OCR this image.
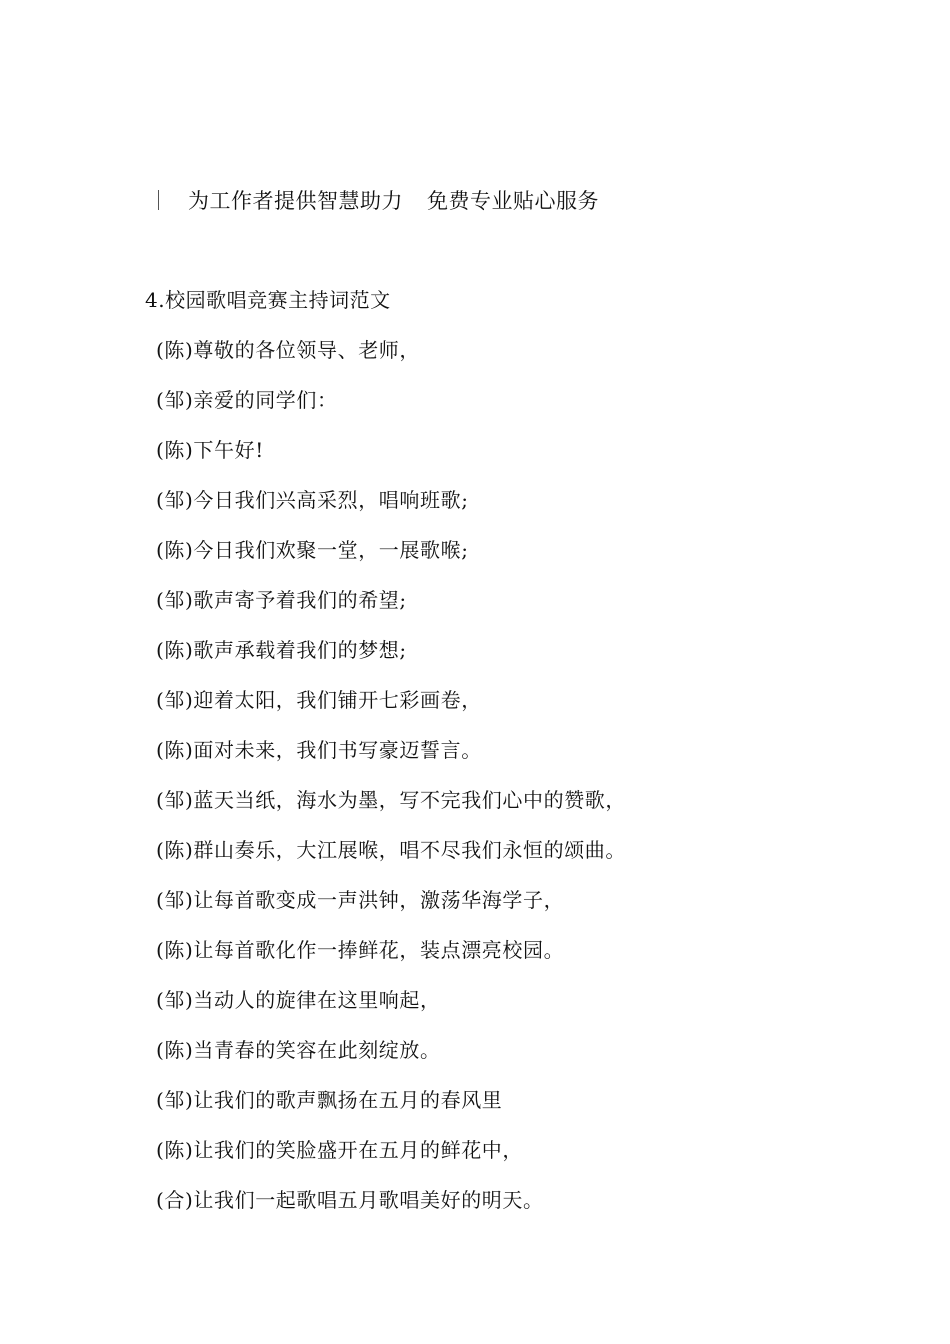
为工作者提供智慧助力 免费专业贴心服务
4.校园歌唱竞赛主持词范文
(陈)尊敬的各位领导、老师，
(邹)亲爱的同学们：
(陈)下午好!
(邹)今日我们兴高采烈，唱响班歌;
(陈)今日我们欢聚一堂，一展歌喉;
(邹)歌声寄予着我们的希望;
(陈)歌声承载着我们的梦想;
(邹)迎着太阳，我们铺开七彩画卷，
(陈)面对未来，我们书写豪迈誓言。
(邹)蓝天当纸，海水为墨，写不完我们心中的赞歌，
(陈)群山奏乐，大江展喉，唱不尽我们永恒的颂曲。
(邹)让每首歌变成一声洪钟，激荡华海学子，
(陈)让每首歌化作一捧鲜花，装点漂亮校园。
(邹)当动人的旋律在这里响起，
(陈)当青春的笑容在此刻绽放。
(邹)让我们的歌声飘扬在五月的春风里
(陈)让我们的笑脸盛开在五月的鲜花中，
(合)让我们一起歌唱五月歌唱美好的明天。
